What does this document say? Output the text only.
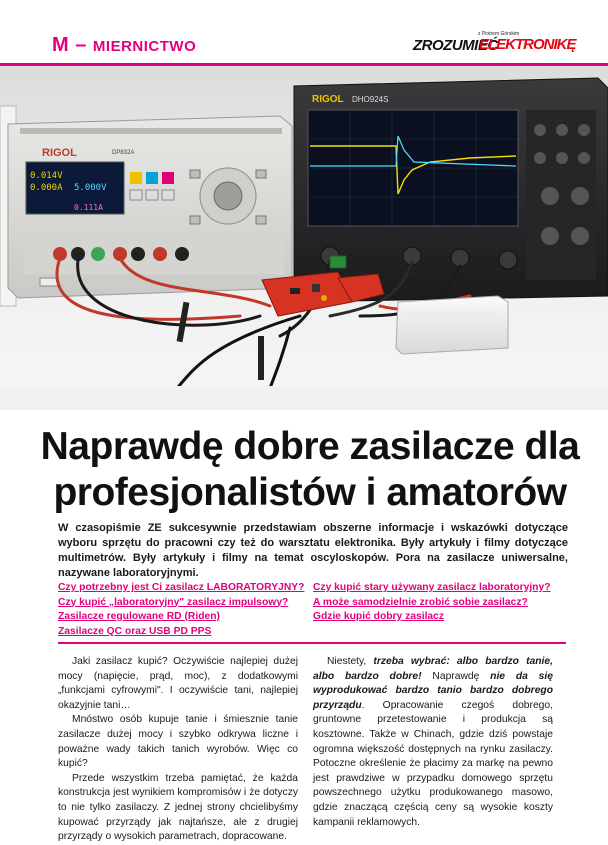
M – MIERNICTWO
z Piotrem Górskim
ZROZUMIEĆ
ELEKTRONIKĘ
RIGOL	DP832A
0.014V
0.000A 5.000V
0.111A
RIGOL DHO924S
Naprawdę dobre zasilacze dla profesjonalistów i amatorów
W czasopiśmie ZE sukcesywnie przedstawiam obszerne informacje i wskazówki dotyczące wyboru sprzętu do pracowni czy też do warsztatu elektronika. Były artykuły i filmy dotyczące multimetrów. Były artykuły i filmy na temat oscyloskopów. Pora na zasilacze uniwersalne, nazywane laboratoryjnymi.
Czy potrzebny jest Ci zasilacz LABORATORYJNY?
Czy kupić „laboratoryjny" zasilacz impulsowy?
Zasilacze regulowane RD (Riden)
Zasilacze QC oraz USB PD PPS
Czy kupić stary używany zasilacz laboratoryjny?
A może samodzielnie zrobić sobie zasilacz?
Gdzie kupić dobry zasilacz

Jaki zasilacz kupić? Oczywiście najlepiej dużej mocy (napięcie, prąd, moc), z dodatkowymi „funkcjami cyfrowymi". I oczywiście tani, najlepiej okazyjnie tani…

Mnóstwo osób kupuje tanie i śmiesznie tanie zasilacze dużej mocy i szybko odkrywa liczne i poważne wady takich tanich wyrobów. Więc co kupić?

Przede wszystkim trzeba pamiętać, że każda konstrukcja jest wynikiem kompromisów i że dotyczy to nie tylko zasilaczy. Z jednej strony chcielibyśmy kupować przyrządy jak najtańsze, ale z drugiej przyrządy o wysokich parametrach, dopracowane.

Niestety, trzeba wybrać: albo bardzo tanie, albo bardzo dobre! Naprawdę nie da się wyprodukować bardzo tanio bardzo dobrego przyrządu. Opracowanie czegoś dobrego, gruntowne przetestowanie i produkcja są kosztowne. Także w Chinach, gdzie dziś powstaje ogromna większość dostępnych na rynku zasilaczy. Potoczne określenie że płacimy za markę na pewno jest prawdziwe w przypadku domowego sprzętu powszechnego użytku produkowanego masowo, gdzie znaczącą częścią ceny są wysokie koszty kampanii reklamowych.
